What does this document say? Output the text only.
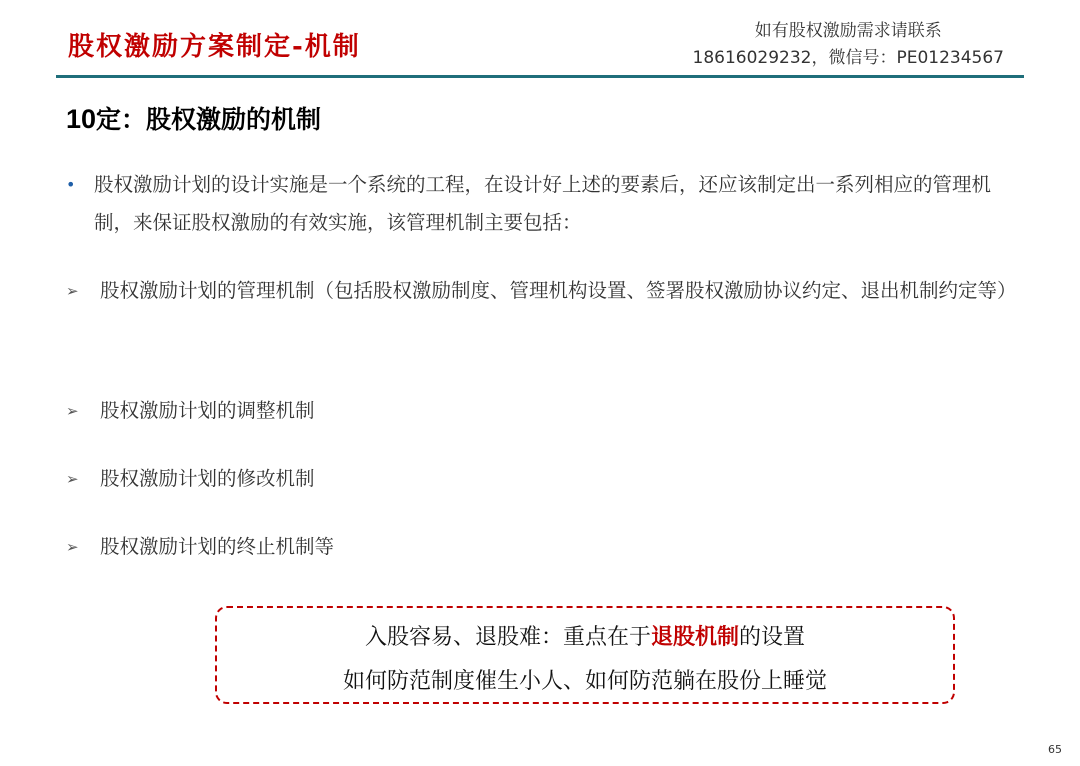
股权激励方案制定-机制
如有股权激励需求请联系
18616029232，微信号：PE01234567
10定：股权激励的机制
• 股权激励计划的设计实施是一个系统的工程，在设计好上述的要素后，还应该制定出一系列相应的管理机制，来保证股权激励的有效实施，该管理机制主要包括：
➢ 股权激励计划的管理机制（包括股权激励制度、管理机构设置、签署股权激励协议约定、退出机制约定等）
➢ 股权激励计划的调整机制
➢ 股权激励计划的修改机制
➢ 股权激励计划的终止机制等
入股容易、退股难：重点在于退股机制的设置
如何防范制度催生小人、如何防范躺在股份上睡觉
65
